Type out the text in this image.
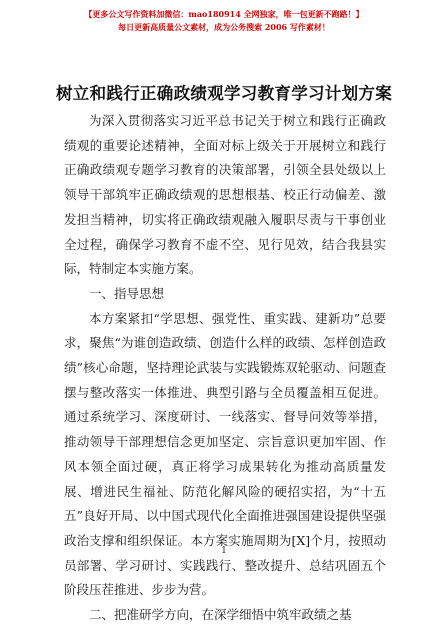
【更多公文写作资料加微信：mao180914 全网独家，唯一包更新不跑路！】
每日更新高质量公文素材，成为公务搜索 2006 写作素材！
树立和践行正确政绩观学习教育学习计划方案

为深入贯彻落实习近平总书记关于树立和践行正确政绩观的重要论述精神，全面对标上级关于开展树立和践行正确政绩观专题学习教育的决策部署，引领全县处级以上领导干部筑牢正确政绩观的思想根基、校正行动偏差、激发担当精神，切实将正确政绩观融入履职尽责与干事创业全过程，确保学习教育不虚不空、见行见效，结合我县实际，特制定本实施方案。

一、指导思想

本方案紧扣“学思想、强党性、重实践、建新功”总要求，聚焦“为谁创造政绩、创造什么样的政绩、怎样创造政绩”核心命题，坚持理论武装与实践锻炼双轮驱动、问题查摆与整改落实一体推进、典型引路与全员覆盖相互促进。通过系统学习、深度研讨、一线落实、督导问效等举措，推动领导干部理想信念更加坚定、宗旨意识更加牢固、作风本领全面过硬，真正将学习成果转化为推动高质量发展、增进民生福祉、防范化解风险的硬招实招，为“十五五”良好开局、以中国式现代化全面推进强国建设提供坚强政治支撑和组织保证。本方案实施周期为[X]个月，按照动员部署、学习研讨、实践践行、整改提升、总结巩固五个阶段压茬推进、步步为营。

二、把准研学方向，在深学细悟中筑牢政绩之基

1
